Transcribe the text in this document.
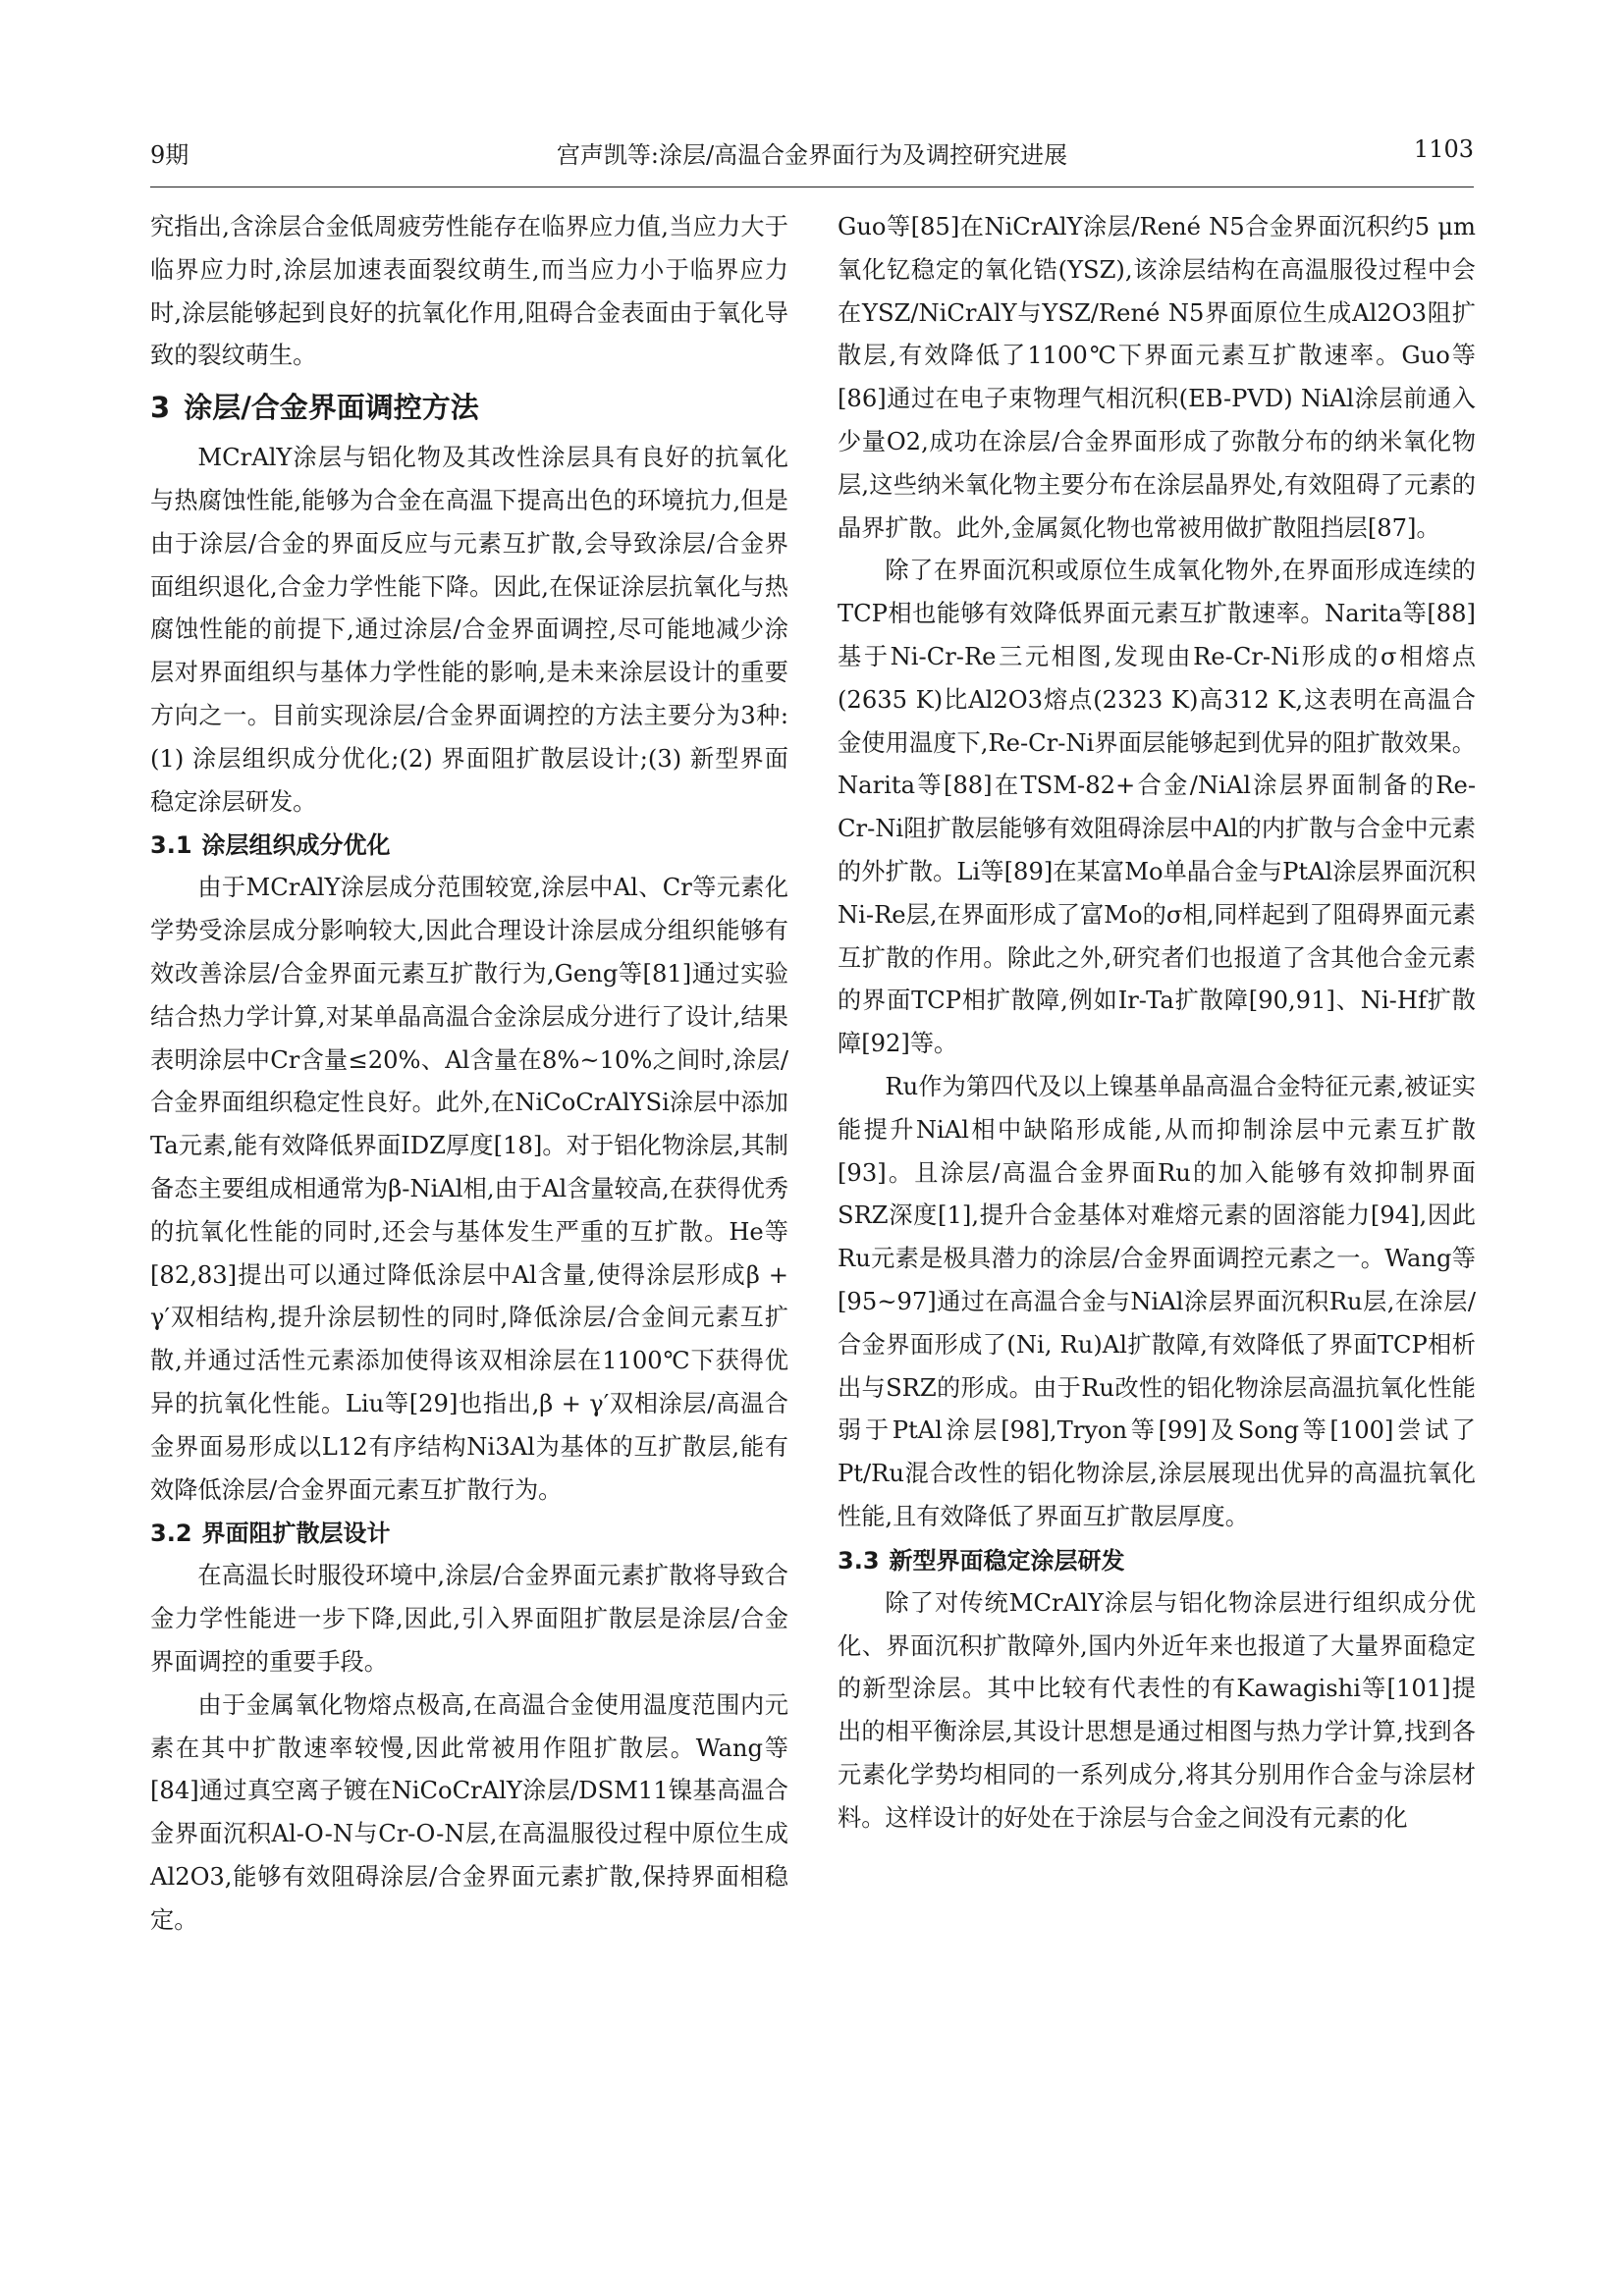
9期	宫声凯等:涂层/高温合金界面行为及调控研究进展	1103

究指出,含涂层合金低周疲劳性能存在临界应力值,当应力大于临界应力时,涂层加速表面裂纹萌生,而当应力小于临界应力时,涂层能够起到良好的抗氧化作用,阻碍合金表面由于氧化导致的裂纹萌生。

3 涂层/合金界面调控方法

MCrAlY涂层与铝化物及其改性涂层具有良好的抗氧化与热腐蚀性能,能够为合金在高温下提高出色的环境抗力,但是由于涂层/合金的界面反应与元素互扩散,会导致涂层/合金界面组织退化,合金力学性能下降。因此,在保证涂层抗氧化与热腐蚀性能的前提下,通过涂层/合金界面调控,尽可能地减少涂层对界面组织与基体力学性能的影响,是未来涂层设计的重要方向之一。目前实现涂层/合金界面调控的方法主要分为3种:(1) 涂层组织成分优化;(2) 界面阻扩散层设计;(3) 新型界面稳定涂层研发。

3.1 涂层组织成分优化

由于MCrAlY涂层成分范围较宽,涂层中Al、Cr等元素化学势受涂层成分影响较大,因此合理设计涂层成分组织能够有效改善涂层/合金界面元素互扩散行为,Geng等[81]通过实验结合热力学计算,对某单晶高温合金涂层成分进行了设计,结果表明涂层中Cr含量≤20%、Al含量在8%~10%之间时,涂层/合金界面组织稳定性良好。此外,在NiCoCrAlYSi涂层中添加Ta元素,能有效降低界面IDZ厚度[18]。对于铝化物涂层,其制备态主要组成相通常为β-NiAl相,由于Al含量较高,在获得优秀的抗氧化性能的同时,还会与基体发生严重的互扩散。He等[82,83]提出可以通过降低涂层中Al含量,使得涂层形成β + γ′双相结构,提升涂层韧性的同时,降低涂层/合金间元素互扩散,并通过活性元素添加使得该双相涂层在1100℃下获得优异的抗氧化性能。Liu等[29]也指出,β + γ′双相涂层/高温合金界面易形成以L12有序结构Ni3Al为基体的互扩散层,能有效降低涂层/合金界面元素互扩散行为。

3.2 界面阻扩散层设计

在高温长时服役环境中,涂层/合金界面元素扩散将导致合金力学性能进一步下降,因此,引入界面阻扩散层是涂层/合金界面调控的重要手段。

由于金属氧化物熔点极高,在高温合金使用温度范围内元素在其中扩散速率较慢,因此常被用作阻扩散层。Wang等[84]通过真空离子镀在NiCoCrAlY涂层/DSM11镍基高温合金界面沉积Al-O-N与Cr-O-N层,在高温服役过程中原位生成Al2O3,能够有效阻碍涂层/合金界面元素扩散,保持界面相稳定。

Guo等[85]在NiCrAlY涂层/René N5合金界面沉积约5 μm氧化钇稳定的氧化锆(YSZ),该涂层结构在高温服役过程中会在YSZ/NiCrAlY与YSZ/René N5界面原位生成Al2O3阻扩散层,有效降低了1100℃下界面元素互扩散速率。Guo等[86]通过在电子束物理气相沉积(EB-PVD) NiAl涂层前通入少量O2,成功在涂层/合金界面形成了弥散分布的纳米氧化物层,这些纳米氧化物主要分布在涂层晶界处,有效阻碍了元素的晶界扩散。此外,金属氮化物也常被用做扩散阻挡层[87]。

除了在界面沉积或原位生成氧化物外,在界面形成连续的TCP相也能够有效降低界面元素互扩散速率。Narita等[88]基于Ni-Cr-Re三元相图,发现由Re-Cr-Ni形成的σ相熔点(2635 K)比Al2O3熔点(2323 K)高312 K,这表明在高温合金使用温度下,Re-Cr-Ni界面层能够起到优异的阻扩散效果。Narita等[88]在TSM-82+合金/NiAl涂层界面制备的Re-Cr-Ni阻扩散层能够有效阻碍涂层中Al的内扩散与合金中元素的外扩散。Li等[89]在某富Mo单晶合金与PtAl涂层界面沉积Ni-Re层,在界面形成了富Mo的σ相,同样起到了阻碍界面元素互扩散的作用。除此之外,研究者们也报道了含其他合金元素的界面TCP相扩散障,例如Ir-Ta扩散障[90,91]、Ni-Hf扩散障[92]等。

Ru作为第四代及以上镍基单晶高温合金特征元素,被证实能提升NiAl相中缺陷形成能,从而抑制涂层中元素互扩散[93]。且涂层/高温合金界面Ru的加入能够有效抑制界面SRZ深度[1],提升合金基体对难熔元素的固溶能力[94],因此Ru元素是极具潜力的涂层/合金界面调控元素之一。Wang等[95~97]通过在高温合金与NiAl涂层界面沉积Ru层,在涂层/合金界面形成了(Ni, Ru)Al扩散障,有效降低了界面TCP相析出与SRZ的形成。由于Ru改性的铝化物涂层高温抗氧化性能弱于PtAl涂层[98],Tryon等[99]及Song等[100]尝试了Pt/Ru混合改性的铝化物涂层,涂层展现出优异的高温抗氧化性能,且有效降低了界面互扩散层厚度。

3.3 新型界面稳定涂层研发

除了对传统MCrAlY涂层与铝化物涂层进行组织成分优化、界面沉积扩散障外,国内外近年来也报道了大量界面稳定的新型涂层。其中比较有代表性的有Kawagishi等[101]提出的相平衡涂层,其设计思想是通过相图与热力学计算,找到各元素化学势均相同的一系列成分,将其分别用作合金与涂层材料。这样设计的好处在于涂层与合金之间没有元素的化
